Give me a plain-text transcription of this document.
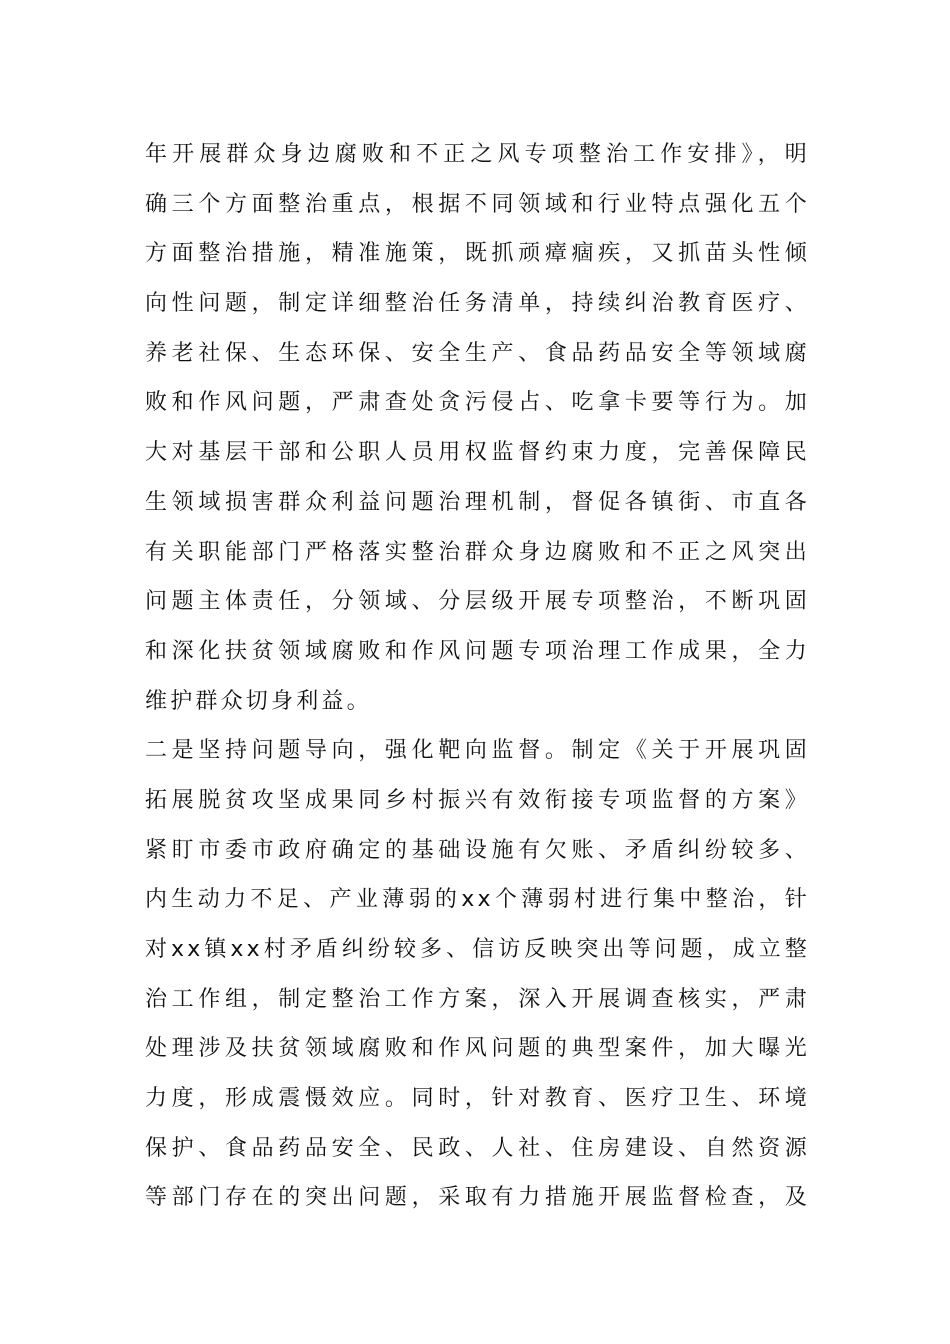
年开展群众身边腐败和不正之风专项整治工作安排》，明
确三个方面整治重点，根据不同领域和行业特点强化五个
方面整治措施，精准施策，既抓顽瘴痼疾，又抓苗头性倾
向性问题，制定详细整治任务清单，持续纠治教育医疗、
养老社保、生态环保、安全生产、食品药品安全等领域腐
败和作风问题，严肃查处贪污侵占、吃拿卡要等行为。加
大对基层干部和公职人员用权监督约束力度，完善保障民
生领域损害群众利益问题治理机制，督促各镇街、市直各
有关职能部门严格落实整治群众身边腐败和不正之风突出
问题主体责任，分领域、分层级开展专项整治，不断巩固
和深化扶贫领域腐败和作风问题专项治理工作成果，全力
维护群众切身利益。
二是坚持问题导向，强化靶向监督。制定《关于开展巩固
拓展脱贫攻坚成果同乡村振兴有效衔接专项监督的方案》
紧盯市委市政府确定的基础设施有欠账、矛盾纠纷较多、
内生动力不足、产业薄弱的xx个薄弱村进行集中整治，针
对xx镇xx村矛盾纠纷较多、信访反映突出等问题，成立整
治工作组，制定整治工作方案，深入开展调查核实，严肃
处理涉及扶贫领域腐败和作风问题的典型案件，加大曝光
力度，形成震慑效应。同时，针对教育、医疗卫生、环境
保护、食品药品安全、民政、人社、住房建设、自然资源
等部门存在的突出问题，采取有力措施开展监督检查，及
